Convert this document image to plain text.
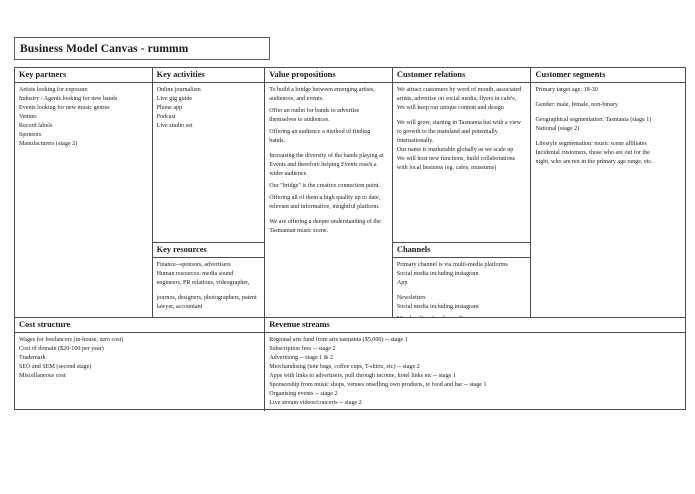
Business Model Canvas - rummm
Key partners

Artists looking for exposure

Industry / Agents looking for new bands

Events looking for new music genres

Venues

Record labels

Sponsors

Manufacturers (stage 2)

Key activities

Online journalism

Live gig guide

Phone app

Podcast

Live studio set

Key resources

Finance--sponsors, advertisers

Human resources: media sound

engineers, PR relations, videographer,

journos, designers, photographers, patent

lawyer, accountant

Value propositions

To build a bridge between emerging artists,

audiences, and events.

Offer an outlet for bands to advertise

themselves to audiences.

Offering an audience a method of finding

bands.

Increasing the diversity of the bands playing at

Events and therefore helping Events reach a

wider audience.

Our "bridge" is the creative connection point.

Offering all of them a high quality up to date,

relevant and informative, insightful platform.

We are offering a deeper understanding of the

Tasmanian music scene.

Customer relations

We attract customers by word of mouth, associated

artists, advertise on social media, flyers in cafe's,

We will keep our unique content and design

We will grow, starting in Tasmania but with a view

to growth to the mainland and potentially

internationally.

Our name is marketable globally as we scale up

We will host new functions, build collaborations

with local business (eg. cafes, museums)

Channels

Primary channel is via multi-media platforms

Social media including instagram

App

Newsletters

Social media including instagram

Customer segments

Primary target age: 18-30

Gender: male, female, non-binary

Geographical segmentation: Tasmania (stage 1)

National (stage 2)

Lifestyle segmentation: music scene affiliates

Incidental customers, those who are out for the

night, who are not in the primary age range, etc.

Cost structure

Wages for freelancers (in-house, zero cost)

Cost of domain ($20-100 per year)

Trademark

SEO and SEM (second stage)

Miscellaneous cost

Revenue streams

Regional arts fund from arts tasmania ($5,000) -- stage 1

Subscription fees -- stage 2

Advertising -- stage 1 & 2

Merchandising (tote bags, coffee cups, T-shirts, etc) -- stage 2

Apps with links to advertisers, pull through income, hotel links etc -- stage 1

Sponsorship from music shops, venues onselling own products, ie food and bar -- stage 1

Organising events -- stage 2

Live stream videos/concerts -- stage 2
